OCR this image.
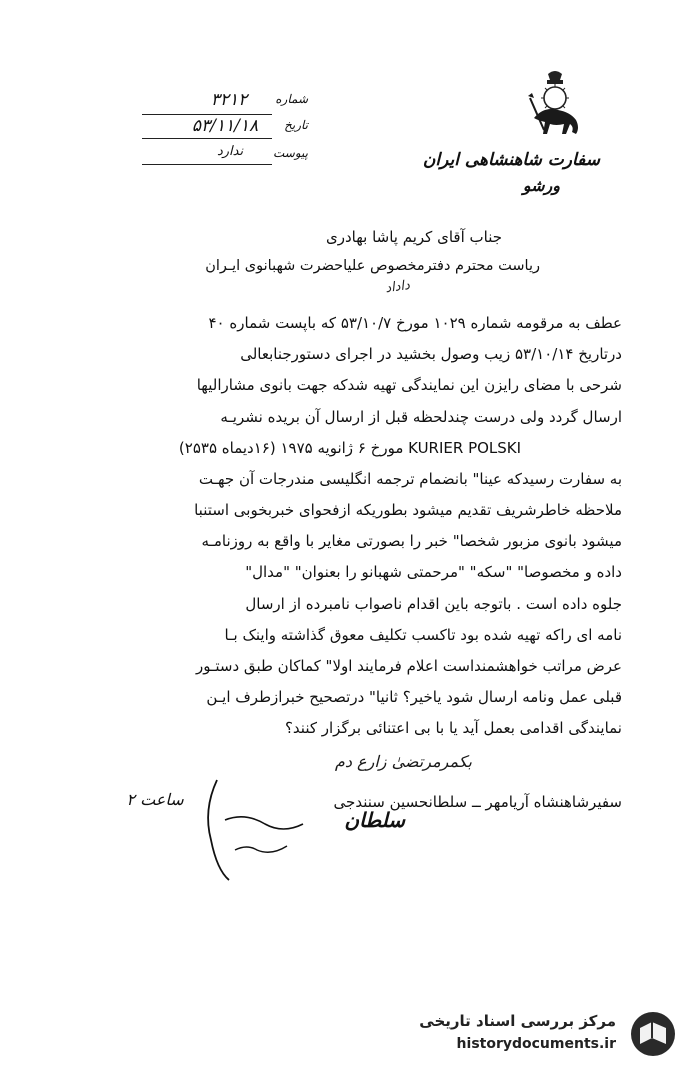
سفارت شاهنشاهی ایران
ورشو
شماره
۳۲۱۲
تاریخ
۵۳/۱۱/۱۸
پیوست
ندارد
جناب آقای کریم پاشا بهادری
ریاست محترم دفترمخصوص علیاحضرت شهبانوی ایـران
داداد
عطف به مرقومه شماره ۱۰۲۹ مورخ ۵۳/۱۰/۷ که باپست شماره ۴۰
درتاریخ ۵۳/۱۰/۱۴ زیب وصول بخشید در اجرای دستورجنابعالی
شرحی با مضای رایزن این نمایندگی تهیه شدکه جهت بانوی مشارالیها
ارسال گردد ولی درست چندلحظه قبل از ارسال آن بریده نشریـه
KURIER POLSKI مورخ ۶ ژانویه ۱۹۷۵ (۱۶دیماه ۲۵۳۵)
به سفارت رسیدکه عینا" بانضمام ترجمه انگلیسی مندرجات آن جهـت
ملاحظه خاطرشریف تقدیم میشود بطوریکه ازفحوای خبربخوبی استنبا
میشود بانوی مزبور شخصا" خبر را بصورتی مغایر با واقع به روزنامـه
داده و مخصوصا" "سکه" "مرحمتی شهبانو را بعنوان" "مدال"
جلوه داده است . باتوجه باین اقدام ناصواب نامبرده از ارسال
نامه ای راکه تهیه شده بود تاکسب تکلیف معوق گذاشته واینک بـا
عرض مراتب خواهشمنداست اعلام فرمایند اولا" کماکان طبق دستـور
قبلی عمل ونامه ارسال شود یاخیر؟ ثانیا" درتصحیح خبرازطرف ایـن
نمایندگی اقدامی بعمل آید یا با بی اعتنائی برگزار کنند؟
بکمرمرتضیٰ زارع دم
سفیرشاهنشاه آریامهر ــ سلطانحسین سنندجی
سلطان
ساعت ۲
مرکز بررسی اسناد تاریخی
historydocuments.ir
